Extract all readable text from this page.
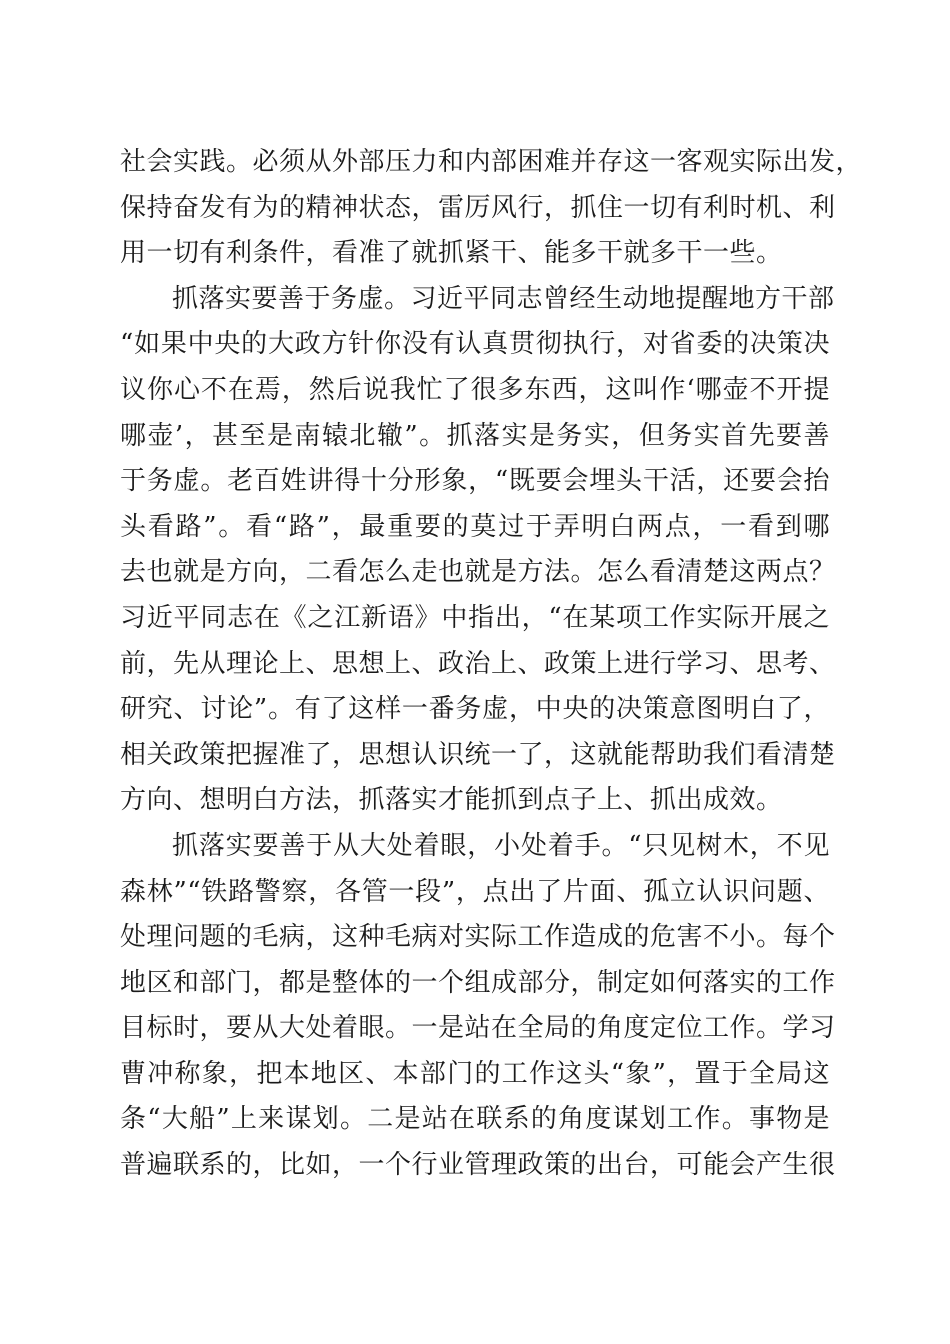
社会实践。必须从外部压力和内部困难并存这一客观实际出发，
保持奋发有为的精神状态，雷厉风行，抓住一切有利时机、利
用一切有利条件，看准了就抓紧干、能多干就多干一些。
抓落实要善于务虚。习近平同志曾经生动地提醒地方干部
“如果中央的大政方针你没有认真贯彻执行，对省委的决策决
议你心不在焉，然后说我忙了很多东西，这叫作‘哪壶不开提
哪壶’，甚至是南辕北辙”。抓落实是务实，但务实首先要善
于务虚。老百姓讲得十分形象，“既要会埋头干活，还要会抬
头看路”。看“路”，最重要的莫过于弄明白两点，一看到哪
去也就是方向，二看怎么走也就是方法。怎么看清楚这两点？
习近平同志在《之江新语》中指出，“在某项工作实际开展之
前，先从理论上、思想上、政治上、政策上进行学习、思考、
研究、讨论”。有了这样一番务虚，中央的决策意图明白了，
相关政策把握准了，思想认识统一了，这就能帮助我们看清楚
方向、想明白方法，抓落实才能抓到点子上、抓出成效。
抓落实要善于从大处着眼，小处着手。“只见树木，不见
森林”“铁路警察，各管一段”，点出了片面、孤立认识问题、
处理问题的毛病，这种毛病对实际工作造成的危害不小。每个
地区和部门，都是整体的一个组成部分，制定如何落实的工作
目标时，要从大处着眼。一是站在全局的角度定位工作。学习
曹冲称象，把本地区、本部门的工作这头“象”，置于全局这
条“大船”上来谋划。二是站在联系的角度谋划工作。事物是
普遍联系的，比如，一个行业管理政策的出台，可能会产生很
